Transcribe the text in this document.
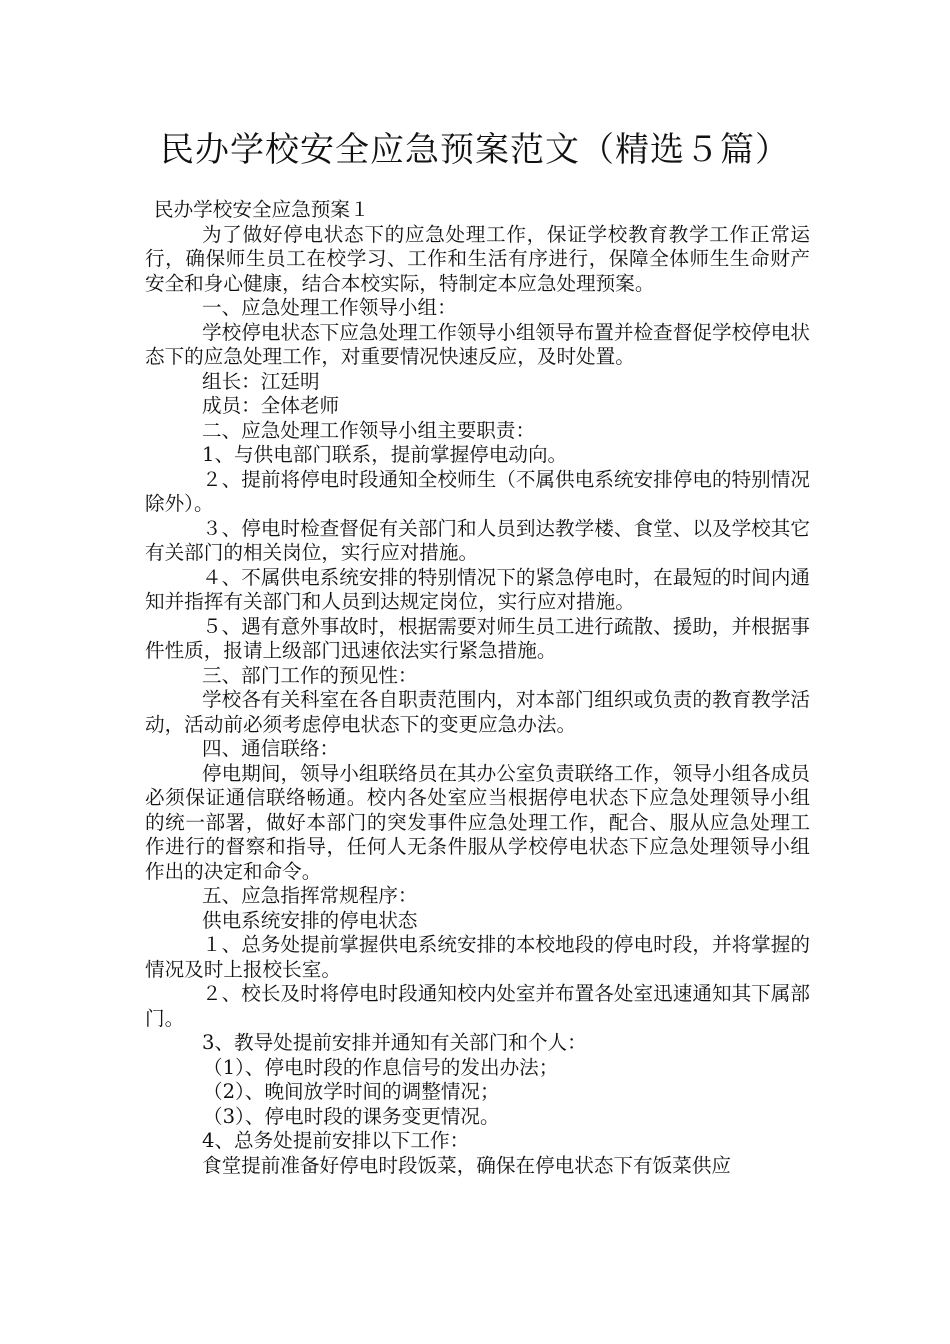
民办学校安全应急预案范文（精选５篇）

民办学校安全应急预案１

为了做好停电状态下的应急处理工作，保证学校教育教学工作正常运行，确保师生员工在校学习、工作和生活有序进行，保障全体师生生命财产安全和身心健康，结合本校实际，特制定本应急处理预案。

一、应急处理工作领导小组：

学校停电状态下应急处理工作领导小组领导布置并检查督促学校停电状态下的应急处理工作，对重要情况快速反应，及时处置。

组长：江廷明

成员：全体老师

二、应急处理工作领导小组主要职责：

1、与供电部门联系，提前掌握停电动向。

２、提前将停电时段通知全校师生（不属供电系统安排停电的特别情况除外）。

３、停电时检查督促有关部门和人员到达教学楼、食堂、以及学校其它有关部门的相关岗位，实行应对措施。

４、不属供电系统安排的特别情况下的紧急停电时，在最短的时间内通知并指挥有关部门和人员到达规定岗位，实行应对措施。

５、遇有意外事故时，根据需要对师生员工进行疏散、援助，并根据事件性质，报请上级部门迅速依法实行紧急措施。

三、部门工作的预见性：

学校各有关科室在各自职责范围内，对本部门组织或负责的教育教学活动，活动前必须考虑停电状态下的变更应急办法。

四、通信联络：

停电期间，领导小组联络员在其办公室负责联络工作，领导小组各成员必须保证通信联络畅通。校内各处室应当根据停电状态下应急处理领导小组的统一部署，做好本部门的突发事件应急处理工作，配合、服从应急处理工作进行的督察和指导，任何人无条件服从学校停电状态下应急处理领导小组作出的决定和命令。

五、应急指挥常规程序：

供电系统安排的停电状态

１、总务处提前掌握供电系统安排的本校地段的停电时段，并将掌握的情况及时上报校长室。

２、校长及时将停电时段通知校内处室并布置各处室迅速通知其下属部门。

3、教导处提前安排并通知有关部门和个人：

（1）、停电时段的作息信号的发出办法；

（2）、晚间放学时间的调整情况；

（3）、停电时段的课务变更情况。

4、总务处提前安排以下工作：

食堂提前准备好停电时段饭菜，确保在停电状态下有饭菜供应
